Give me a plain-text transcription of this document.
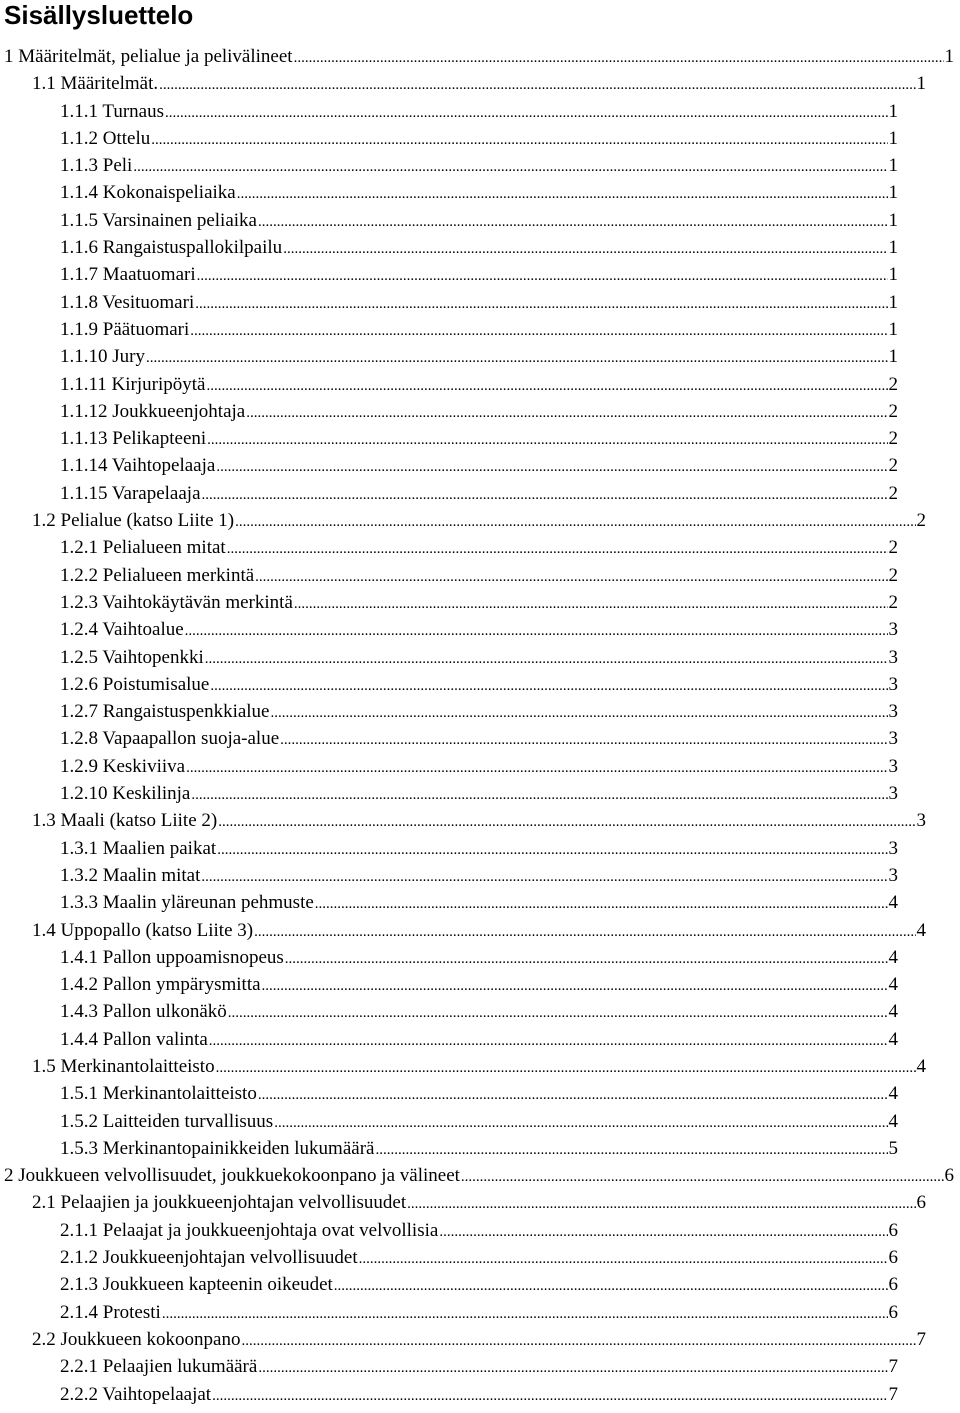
Sisällysluettelo
1 Määritelmät, pelialue ja pelivälineet .....	1
1.1 Määritelmät. .....	1
1.1.1 Turnaus .....	1
1.1.2 Ottelu .....	1
1.1.3 Peli .....	1
1.1.4 Kokonaispeliaika .....	1
1.1.5 Varsinainen peliaika .....	1
1.1.6 Rangaistuspallokilpailu .....	1
1.1.7 Maatuomari .....	1
1.1.8 Vesituomari .....	1
1.1.9 Päätuomari .....	1
1.1.10 Jury .....	1
1.1.11 Kirjuripöytä .....	2
1.1.12 Joukkueenjohtaja .....	2
1.1.13 Pelikapteeni .....	2
1.1.14 Vaihtopelaaja .....	2
1.1.15 Varapelaaja .....	2
1.2 Pelialue (katso Liite 1) .....	2
1.2.1 Pelialueen mitat .....	2
1.2.2 Pelialueen merkintä .....	2
1.2.3 Vaihtokäytävän merkintä .....	2
1.2.4 Vaihtoalue .....	3
1.2.5 Vaihtopenkki .....	3
1.2.6 Poistumisalue .....	3
1.2.7 Rangaistuspenkkialue .....	3
1.2.8 Vapaapallon suoja-alue .....	3
1.2.9 Keskiviiva .....	3
1.2.10 Keskilinja .....	3
1.3 Maali (katso Liite 2) .....	3
1.3.1 Maalien paikat .....	3
1.3.2 Maalin mitat .....	3
1.3.3 Maalin yläreunan pehmuste .....	4
1.4 Uppopallo (katso Liite 3) .....	4
1.4.1 Pallon uppoamisnopeus .....	4
1.4.2 Pallon ympärysmitta .....	4
1.4.3 Pallon ulkonäkö .....	4
1.4.4 Pallon valinta .....	4
1.5 Merkinantolaitteisto .....	4
1.5.1 Merkinantolaitteisto .....	4
1.5.2 Laitteiden turvallisuus .....	4
1.5.3 Merkinantopainikkeiden lukumäärä .....	5
2 Joukkueen velvollisuudet, joukkuekokoonpano ja välineet .....	6
2.1 Pelaajien ja joukkueenjohtajan velvollisuudet .....	6
2.1.1 Pelaajat ja joukkueenjohtaja ovat velvollisia .....	6
2.1.2 Joukkueenjohtajan velvollisuudet .....	6
2.1.3 Joukkueen kapteenin oikeudet .....	6
2.1.4 Protesti .....	6
2.2 Joukkueen kokoonpano .....	7
2.2.1 Pelaajien lukumäärä .....	7
2.2.2 Vaihtopelaajat .....	7
